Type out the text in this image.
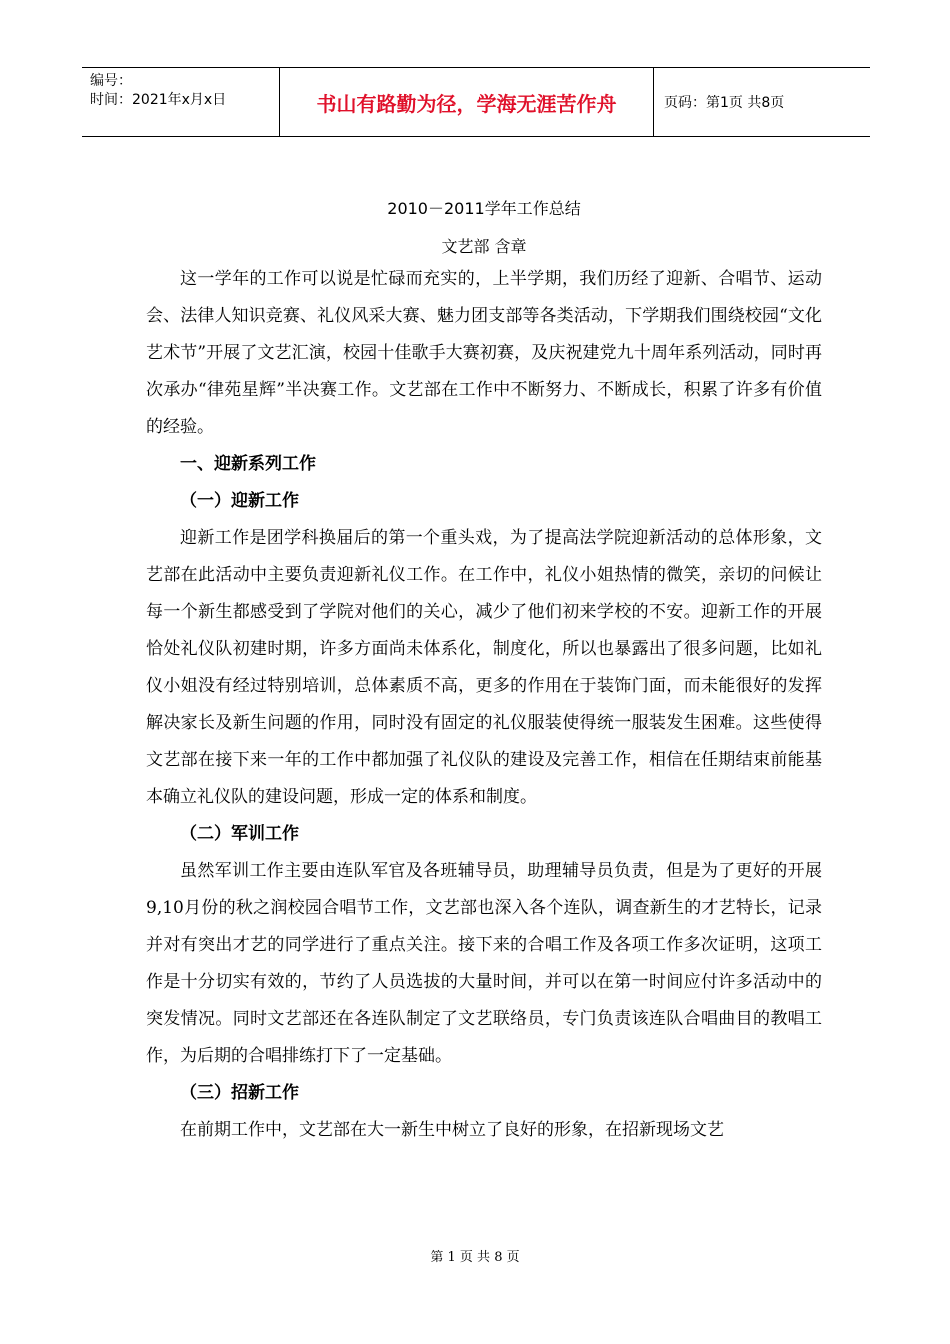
编号：
时间：2021年x月x日	书山有路勤为径，学海无涯苦作舟	页码：第1页 共8页
2010－2011学年工作总结
文艺部 含章

这一学年的工作可以说是忙碌而充实的，上半学期，我们历经了迎新、合唱节、运动会、法律人知识竞赛、礼仪风采大赛、魅力团支部等各类活动，下学期我们围绕校园“文化艺术节”开展了文艺汇演，校园十佳歌手大赛初赛，及庆祝建党九十周年系列活动，同时再次承办“律苑星辉”半决赛工作。文艺部在工作中不断努力、不断成长，积累了许多有价值的经验。

一、迎新系列工作

（一）迎新工作

迎新工作是团学科换届后的第一个重头戏，为了提高法学院迎新活动的总体形象，文艺部在此活动中主要负责迎新礼仪工作。在工作中，礼仪小姐热情的微笑，亲切的问候让每一个新生都感受到了学院对他们的关心，减少了他们初来学校的不安。迎新工作的开展恰处礼仪队初建时期，许多方面尚未体系化，制度化，所以也暴露出了很多问题，比如礼仪小姐没有经过特别培训，总体素质不高，更多的作用在于装饰门面，而未能很好的发挥解决家长及新生问题的作用，同时没有固定的礼仪服装使得统一服装发生困难。这些使得文艺部在接下来一年的工作中都加强了礼仪队的建设及完善工作，相信在任期结束前能基本确立礼仪队的建设问题，形成一定的体系和制度。

（二）军训工作

虽然军训工作主要由连队军官及各班辅导员，助理辅导员负责，但是为了更好的开展9,10月份的秋之润校园合唱节工作，文艺部也深入各个连队，调查新生的才艺特长，记录并对有突出才艺的同学进行了重点关注。接下来的合唱工作及各项工作多次证明，这项工作是十分切实有效的，节约了人员选拔的大量时间，并可以在第一时间应付许多活动中的突发情况。同时文艺部还在各连队制定了文艺联络员，专门负责该连队合唱曲目的教唱工作，为后期的合唱排练打下了一定基础。

（三）招新工作

在前期工作中，文艺部在大一新生中树立了良好的形象，在招新现场文艺

第 1 页 共 8 页
